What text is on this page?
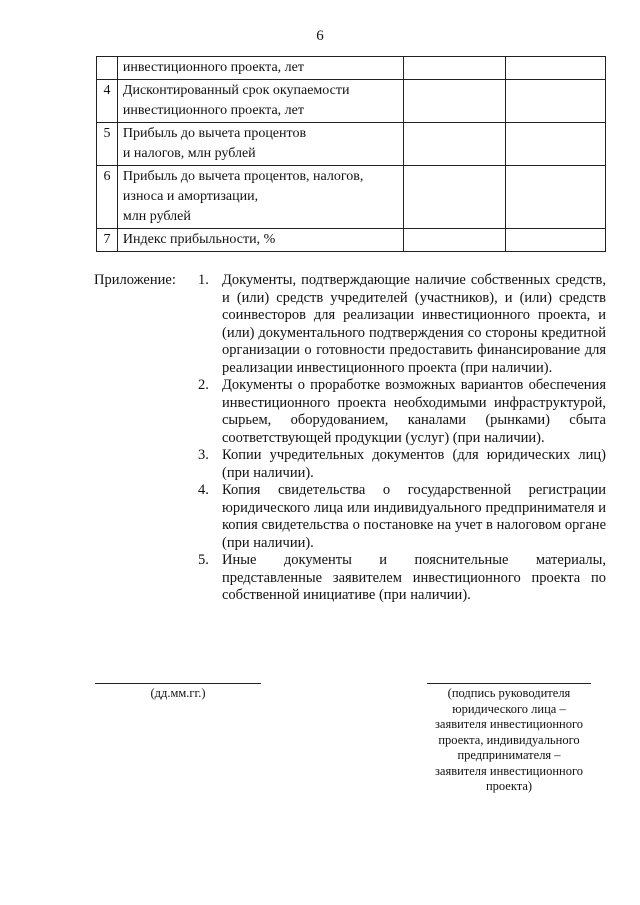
6

	инвестиционного проекта, лет		

4	Дисконтированный срок окупаемости
инвестиционного проекта, лет		

5	Прибыль до вычета процентов
и налогов, млн рублей		

6	Прибыль до вычета процентов, налогов,
износа и амортизации,
млн рублей		

7	Индекс прибыльности, %		

Приложение: 1. Документы, подтверждающие наличие собственных средств, и (или) средств учредителей (участников), и (или) средств соинвесторов для реализации инвестиционного проекта, и (или) документального подтверждения со стороны кредитной организации о готовности предоставить финансирование для реализации инвестиционного проекта (при наличии).
2. Документы о проработке возможных вариантов обеспечения инвестиционного проекта необходимыми инфраструктурой, сырьем, оборудованием, каналами (рынками) сбыта соответствующей продукции (услуг) (при наличии).
3. Копии учредительных документов (для юридических лиц) (при наличии).
4. Копия свидетельства о государственной регистрации юридического лица или индивидуального предпринимателя и копия свидетельства о постановке на учет в налоговом органе (при наличии).
5. Иные документы и пояснительные материалы, представленные заявителем инвестиционного проекта по собственной инициативе (при наличии).
(дд.мм.гг.)	(подпись руководителя
юридического лица –
заявителя инвестиционного
проекта, индивидуального
предпринимателя –
заявителя инвестиционного
проекта)
